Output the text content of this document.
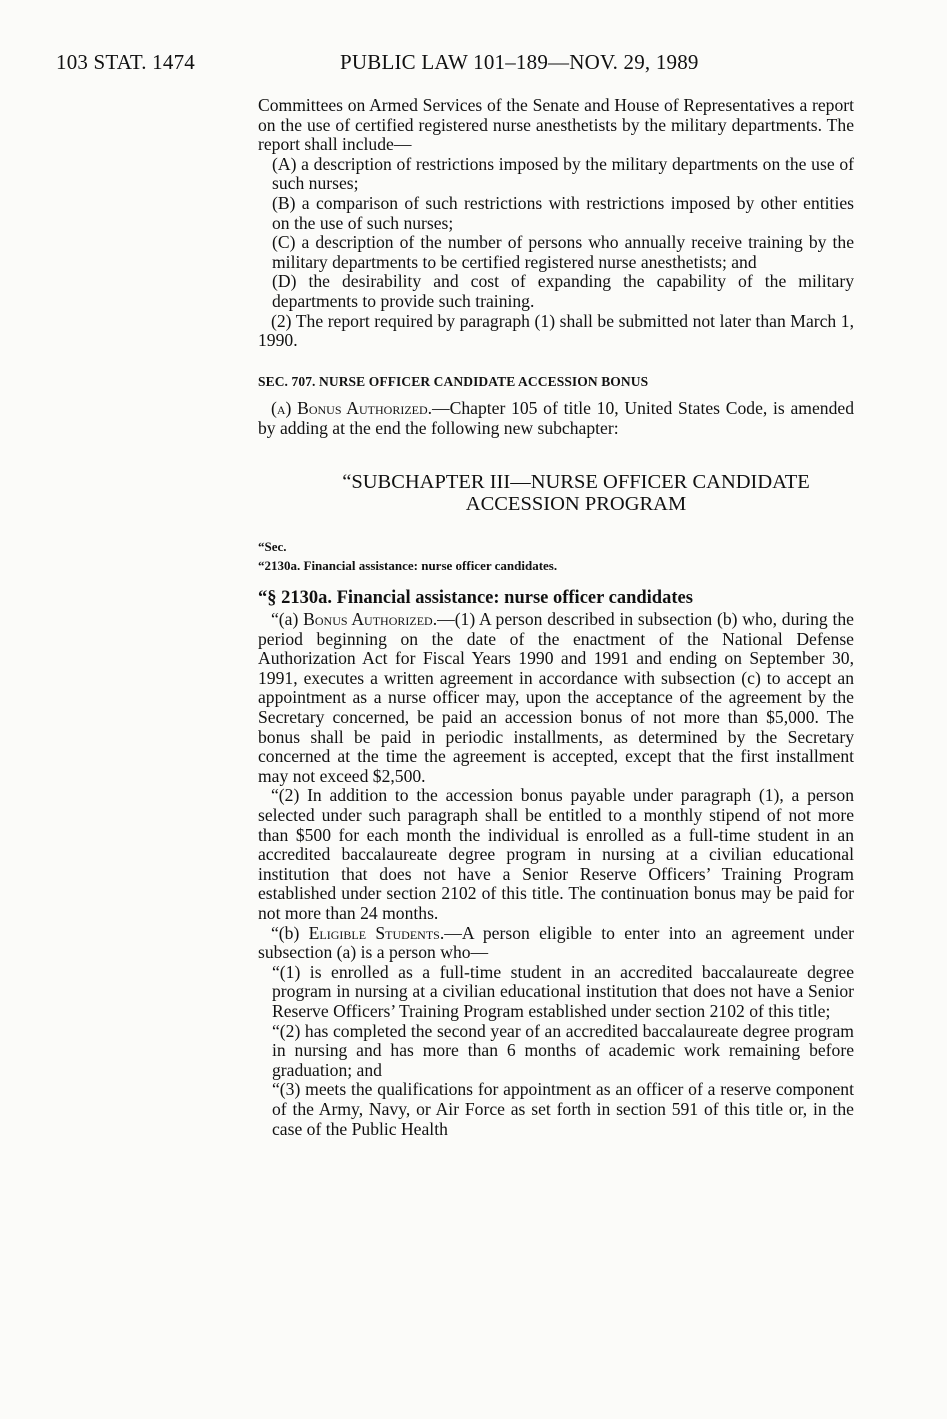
103 STAT. 1474	PUBLIC LAW 101–189—NOV. 29, 1989

Committees on Armed Services of the Senate and House of Representatives a report on the use of certified registered nurse anesthetists by the military departments. The report shall include—

(A) a description of restrictions imposed by the military departments on the use of such nurses;

(B) a comparison of such restrictions with restrictions imposed by other entities on the use of such nurses;

(C) a description of the number of persons who annually receive training by the military departments to be certified registered nurse anesthetists; and

(D) the desirability and cost of expanding the capability of the military departments to provide such training.

(2) The report required by paragraph (1) shall be submitted not later than March 1, 1990.

SEC. 707. NURSE OFFICER CANDIDATE ACCESSION BONUS

(a) Bonus Authorized.—Chapter 105 of title 10, United States Code, is amended by adding at the end the following new subchapter:

“SUBCHAPTER III—NURSE OFFICER CANDIDATE ACCESSION PROGRAM

“Sec.

“2130a. Financial assistance: nurse officer candidates.

“§ 2130a. Financial assistance: nurse officer candidates

“(a) Bonus Authorized.—(1) A person described in subsection (b) who, during the period beginning on the date of the enactment of the National Defense Authorization Act for Fiscal Years 1990 and 1991 and ending on September 30, 1991, executes a written agreement in accordance with subsection (c) to accept an appointment as a nurse officer may, upon the acceptance of the agreement by the Secretary concerned, be paid an accession bonus of not more than $5,000. The bonus shall be paid in periodic installments, as determined by the Secretary concerned at the time the agreement is accepted, except that the first installment may not exceed $2,500.

“(2) In addition to the accession bonus payable under paragraph (1), a person selected under such paragraph shall be entitled to a monthly stipend of not more than $500 for each month the individual is enrolled as a full-time student in an accredited baccalaureate degree program in nursing at a civilian educational institution that does not have a Senior Reserve Officers’ Training Program established under section 2102 of this title. The continuation bonus may be paid for not more than 24 months.

“(b) Eligible Students.—A person eligible to enter into an agreement under subsection (a) is a person who—

“(1) is enrolled as a full-time student in an accredited baccalaureate degree program in nursing at a civilian educational institution that does not have a Senior Reserve Officers’ Training Program established under section 2102 of this title;

“(2) has completed the second year of an accredited baccalaureate degree program in nursing and has more than 6 months of academic work remaining before graduation; and

“(3) meets the qualifications for appointment as an officer of a reserve component of the Army, Navy, or Air Force as set forth in section 591 of this title or, in the case of the Public Health
